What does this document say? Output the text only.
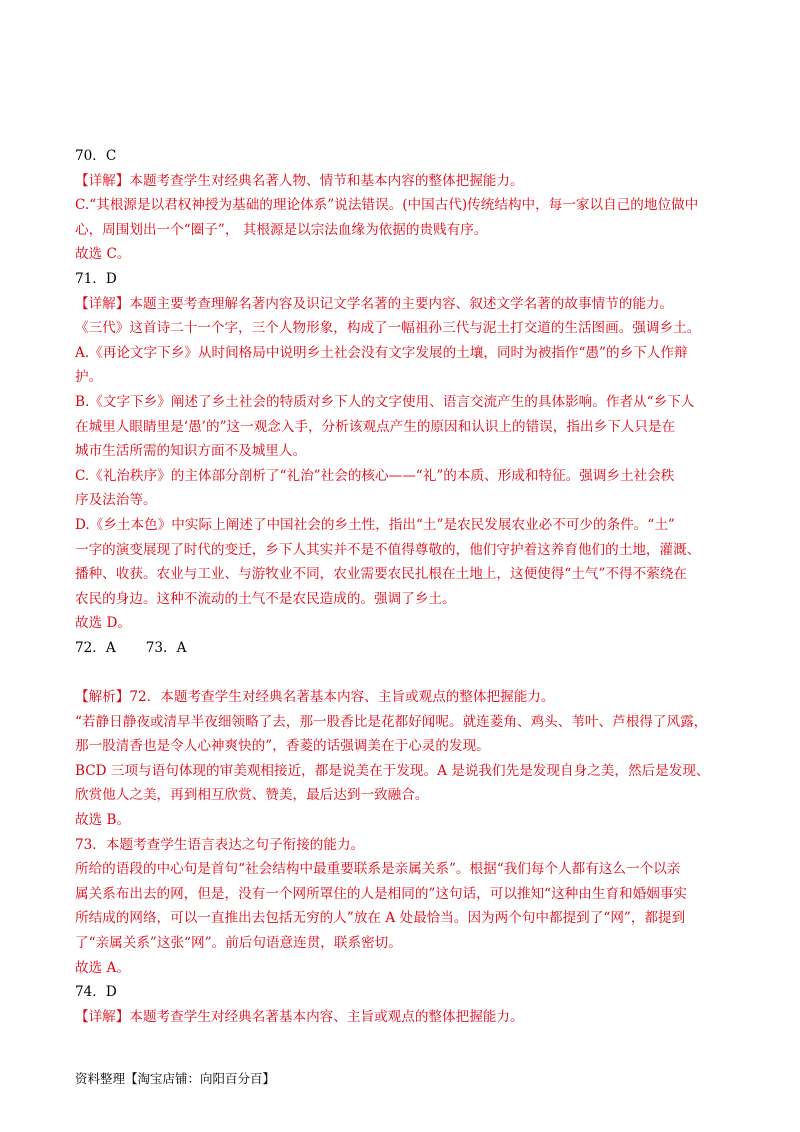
70．C
【详解】本题考查学生对经典名著人物、情节和基本内容的整体把握能力。
C.“其根源是以君权神授为基础的理论体系”说法错误。(中国古代)传统结构中，每一家以自己的地位做中
心，周围划出一个“圈子”， 其根源是以宗法血缘为依据的贵贱有序。
故选 C。
71．D
【详解】本题主要考查理解名著内容及识记文学名著的主要内容、叙述文学名著的故事情节的能力。
《三代》这首诗二十一个字，三个人物形象，构成了一幅祖孙三代与泥土打交道的生活图画。强调乡土。
A.《再论文字下乡》从时间格局中说明乡土社会没有文字发展的土壤，同时为被指作“愚”的乡下人作辩
护。
B.《文字下乡》阐述了乡土社会的特质对乡下人的文字使用、语言交流产生的具体影响。作者从“乡下人
在城里人眼睛里是‘愚’的”这一观念入手，分析该观点产生的原因和认识上的错误，指出乡下人只是在
城市生活所需的知识方面不及城里人。
C.《礼治秩序》的主体部分剖析了“礼治”社会的核心——“礼”的本质、形成和特征。强调乡土社会秩
序及法治等。
D.《乡土本色》中实际上阐述了中国社会的乡土性，指出“土”是农民发展农业必不可少的条件。“土”
一字的演变展现了时代的变迁，乡下人其实并不是不值得尊敬的，他们守护着这养育他们的土地，灌溉、
播种、收获。农业与工业、与游牧业不同，农业需要农民扎根在土地上，这便使得“土气”不得不萦绕在
农民的身边。这种不流动的土气不是农民造成的。强调了乡土。
故选 D。
72．A 73．A
【解析】72．本题考查学生对经典名著基本内容、主旨或观点的整体把握能力。
“若静日静夜或清早半夜细领略了去，那一股香比是花都好闻呢。就连菱角、鸡头、苇叶、芦根得了风露，
那一股清香也是令人心神爽快的”，香菱的话强调美在于心灵的发现。
BCD 三项与语句体现的审美观相接近，都是说美在于发现。A 是说我们先是发现自身之美，然后是发现、
欣赏他人之美，再到相互欣赏、赞美，最后达到一致融合。
故选 B。
73．本题考查学生语言表达之句子衔接的能力。
所给的语段的中心句是首句“社会结构中最重要联系是亲属关系”。根据“我们每个人都有这么一个以亲
属关系布出去的网，但是，没有一个网所罩住的人是相同的”这句话，可以推知“这种由生育和婚姻事实
所结成的网络，可以一直推出去包括无穷的人”放在 A 处最恰当。因为两个句中都提到了“网”，都提到
了“亲属关系”这张“网”。前后句语意连贯，联系密切。
故选 A。
74．D
【详解】本题考查学生对经典名著基本内容、主旨或观点的整体把握能力。
资料整理【淘宝店铺：向阳百分百】
